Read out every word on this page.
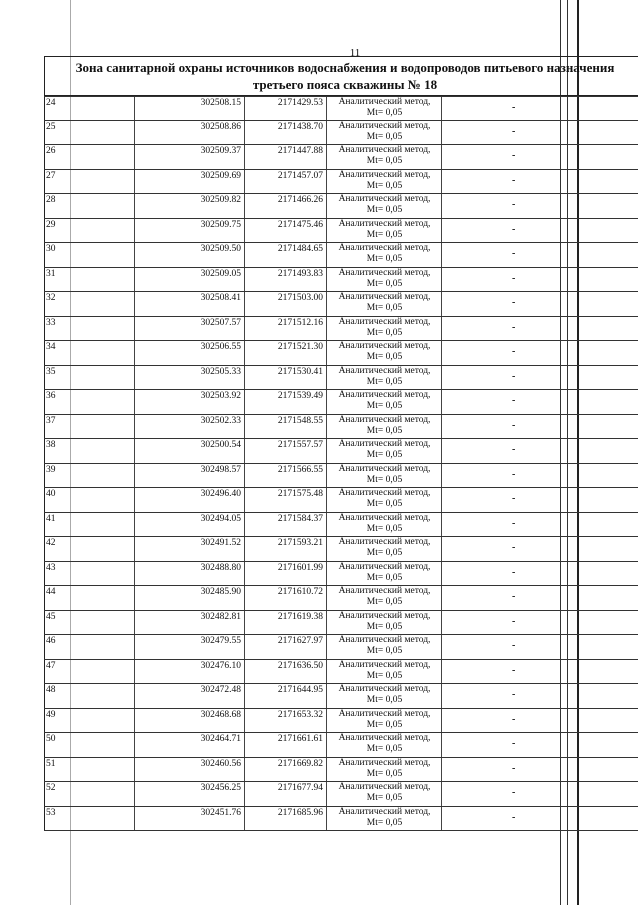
11
Зона санитарной охраны источников водоснабжения и водопроводов питьевого назначения третьего пояса скважины № 18
24	302508.15	2171429.53	Аналитический метод,
Mt= 0,05	-
25	302508.86	2171438.70	Аналитический метод,
Mt= 0,05	-
26	302509.37	2171447.88	Аналитический метод,
Mt= 0,05	-
27	302509.69	2171457.07	Аналитический метод,
Mt= 0,05	-
28	302509.82	2171466.26	Аналитический метод,
Mt= 0,05	-
29	302509.75	2171475.46	Аналитический метод,
Mt= 0,05	-
30	302509.50	2171484.65	Аналитический метод,
Mt= 0,05	-
31	302509.05	2171493.83	Аналитический метод,
Mt= 0,05	-
32	302508.41	2171503.00	Аналитический метод,
Mt= 0,05	-
33	302507.57	2171512.16	Аналитический метод,
Mt= 0,05	-
34	302506.55	2171521.30	Аналитический метод,
Mt= 0,05	-
35	302505.33	2171530.41	Аналитический метод,
Mt= 0,05	-
36	302503.92	2171539.49	Аналитический метод,
Mt= 0,05	-
37	302502.33	2171548.55	Аналитический метод,
Mt= 0,05	-
38	302500.54	2171557.57	Аналитический метод,
Mt= 0,05	-
39	302498.57	2171566.55	Аналитический метод,
Mt= 0,05	-
40	302496.40	2171575.48	Аналитический метод,
Mt= 0,05	-
41	302494.05	2171584.37	Аналитический метод,
Mt= 0,05	-
42	302491.52	2171593.21	Аналитический метод,
Mt= 0,05	-
43	302488.80	2171601.99	Аналитический метод,
Mt= 0,05	-
44	302485.90	2171610.72	Аналитический метод,
Mt= 0,05	-
45	302482.81	2171619.38	Аналитический метод,
Mt= 0,05	-
46	302479.55	2171627.97	Аналитический метод,
Mt= 0,05	-
47	302476.10	2171636.50	Аналитический метод,
Mt= 0,05	-
48	302472.48	2171644.95	Аналитический метод,
Mt= 0,05	-
49	302468.68	2171653.32	Аналитический метод,
Mt= 0,05	-
50	302464.71	2171661.61	Аналитический метод,
Mt= 0,05	-
51	302460.56	2171669.82	Аналитический метод,
Mt= 0,05	-
52	302456.25	2171677.94	Аналитический метод,
Mt= 0,05	-
53	302451.76	2171685.96	Аналитический метод,
Mt= 0,05	-
